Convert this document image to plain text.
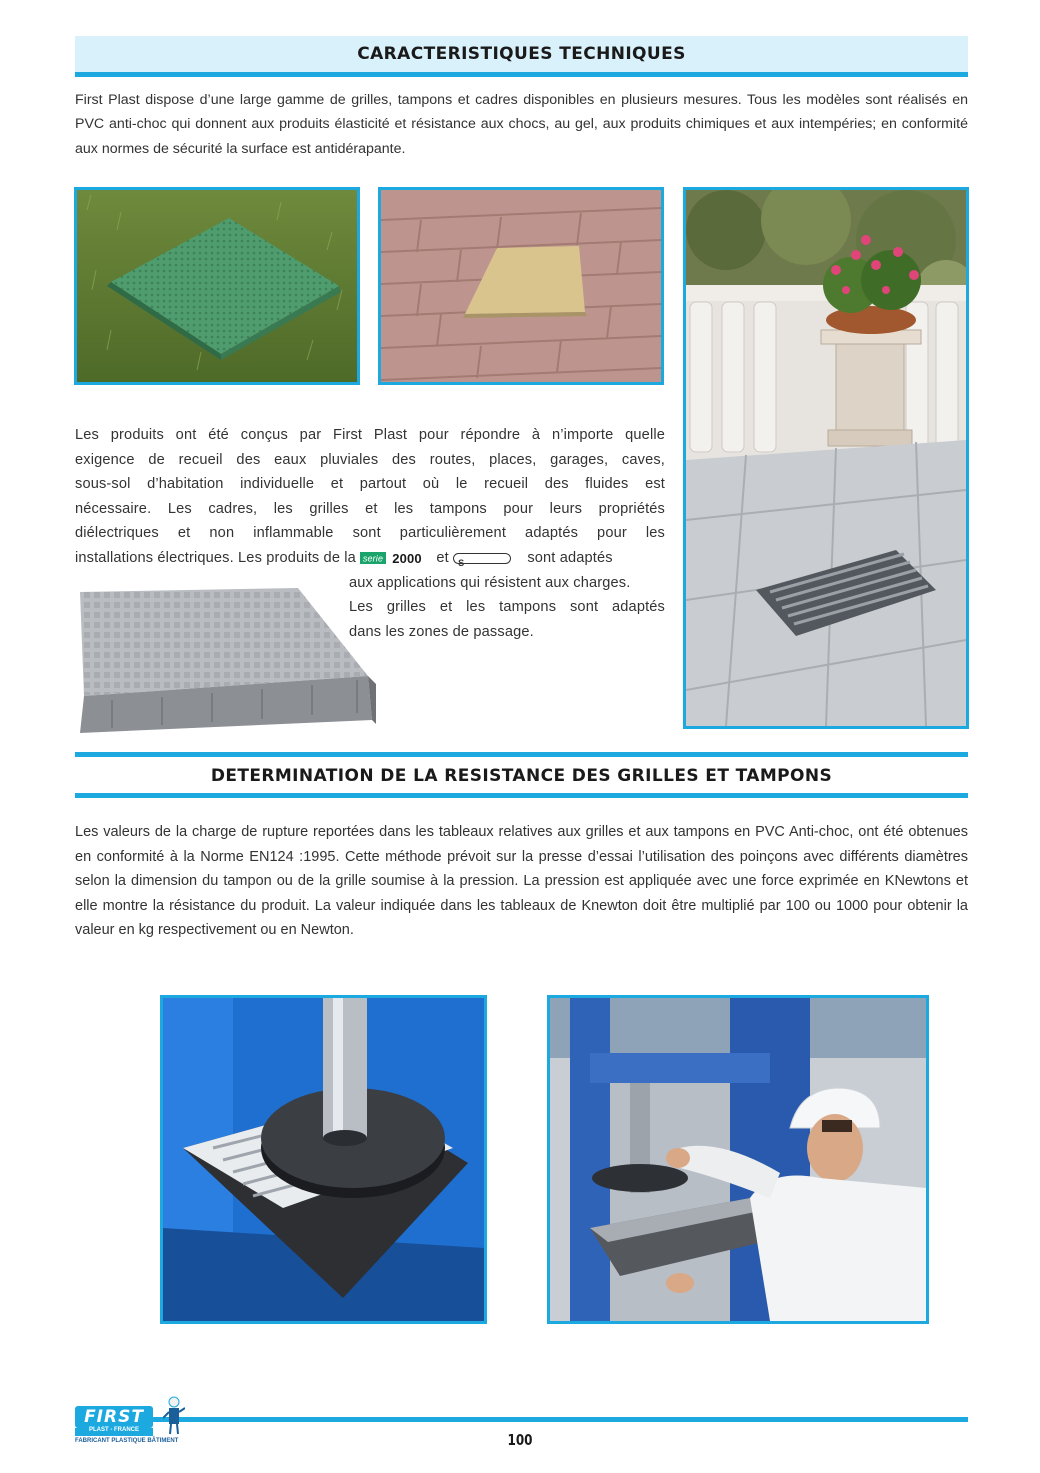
CARACTERISTIQUES TECHNIQUES

First Plast dispose d’une large gamme de grilles, tampons et cadres disponibles en plusieurs mesures. Tous les modèles sont réalisés en PVC anti-choc qui donnent aux produits élasticité et résistance aux chocs, au gel, aux produits chimiques et aux intempéries; en conformité aux normes de sécurité la surface est antidérapante.

Les produits ont été conçus par First Plast pour répondre à n’importe quelle
exigence de recueil des eaux pluviales des routes, places, garages, caves,
sous-sol d’habitation individuelle et partout où le recueil des fluides est
nécessaire. Les cadres, les grilles et les tampons pour leurs propriétés
diélectriques et non inflammable sont particulièrement adaptés pour les
installations électriques. Les produits de la serie 2000 et S	sont adaptés
aux applications qui résistent aux charges.
Les grilles et les tampons sont adaptés
dans les zones de passage.
DETERMINATION DE LA RESISTANCE DES GRILLES ET TAMPONS

Les valeurs de la charge de rupture reportées dans les tableaux relatives aux grilles et aux tampons en PVC Anti-choc, ont été obtenues en conformité à la Norme EN124 :1995. Cette méthode prévoit sur la presse d’essai l’utilisation des poinçons avec différents diamètres selon la dimension du tampon ou de la grille soumise à la pression. La pression est appliquée avec une force exprimée en KNewtons et elle montre la résistance du produit. La valeur indiquée dans les tableaux de Knewton doit être multiplié par 100 ou 1000 pour obtenir la valeur en kg respectivement ou en Newton.

FIRST
PLAST - FRANCE
FABRICANT PLASTIQUE BÂTIMENT	100
